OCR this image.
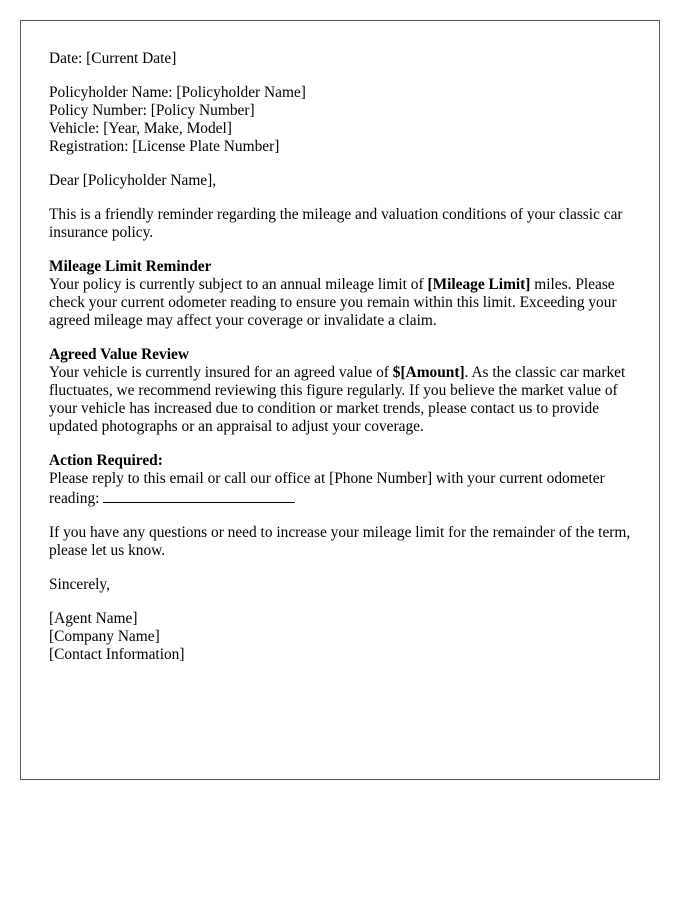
Date: [Current Date]

Policyholder Name: [Policyholder Name]
Policy Number: [Policy Number]
Vehicle: [Year, Make, Model]
Registration: [License Plate Number]

Dear [Policyholder Name],

This is a friendly reminder regarding the mileage and valuation conditions of your classic car insurance policy.

Mileage Limit Reminder
Your policy is currently subject to an annual mileage limit of [Mileage Limit] miles. Please check your current odometer reading to ensure you remain within this limit. Exceeding your agreed mileage may affect your coverage or invalidate a claim.

Agreed Value Review
Your vehicle is currently insured for an agreed value of $[Amount]. As the classic car market fluctuates, we recommend reviewing this figure regularly. If you believe the market value of your vehicle has increased due to condition or market trends, please contact us to provide updated photographs or an appraisal to adjust your coverage.

Action Required:
Please reply to this email or call our office at [Phone Number] with your current odometer reading:

If you have any questions or need to increase your mileage limit for the remainder of the term, please let us know.

Sincerely,

[Agent Name]
[Company Name]
[Contact Information]
